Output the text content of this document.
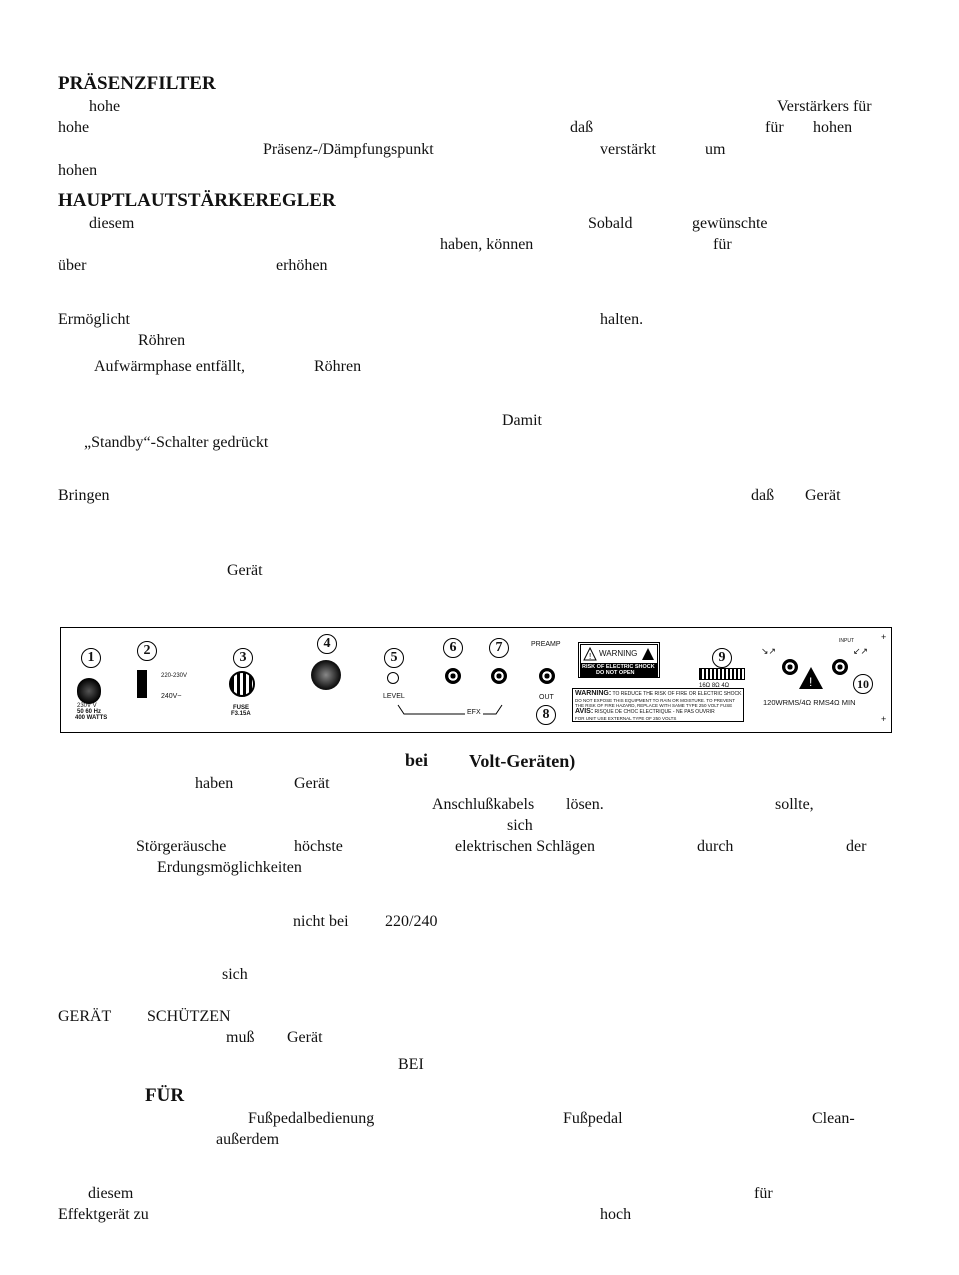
PRÄSENZFILTER
hohe	Verstärkers für
hohe	daß	für hohen
Präsenz-/Dämpfungspunkt	verstärkt	um
hohen
HAUPTLAUTSTÄRKEREGLER
diesem	Sobald	gewünschte
haben, können	für
über	erhöhen
Ermöglicht	halten.
Röhren
Aufwärmphase entfällt,	Röhren
Damit
„Standby“-Schalter gedrückt
Bringen	daß Gerät
Gerät
1
230V V
50 60 Hz
400 WATTS
2
220-230V
240V~
3
FUSE
F3.15A
4
5
LEVEL
6	7
EFX
PREAMP
OUT
8
! WARNING
RISK OF ELECTRIC SHOCK
DO NOT OPEN
WARNING: TO REDUCE THE RISK OF FIRE OR ELECTRIC SHOCK
DO NOT EXPOSE THIS EQUIPMENT TO RAIN OR MOISTURE. TO PREVENT
THE RISK OF FIRE HAZARD, REPLACE WITH SAME TYPE 250 VOLT FUSE
AVIS: RISQUE DE CHOC ELECTRIQUE - NE PAS OUVRIR
FOR UNIT USE EXTERNAL TYPE OF 250 VOLTS
9
16Ω 8Ω 4Ω
↘↗
!
INPUT
↙↗
10
120WRMS/4Ω RMS4Ω MIN
+
+
bei Volt-Geräten)
haben	Gerät
Anschlußkabels lösen.	sollte,
sich
Störgeräusche	höchste	elektrischen Schlägen	durch	der
Erdungsmöglichkeiten
nicht bei 220/240
sich
GERÄT SCHÜTZEN
muß Gerät
BEI
FÜR
Fußpedalbedienung	Fußpedal	Clean-
außerdem
diesem	für
Effektgerät zu	hoch
